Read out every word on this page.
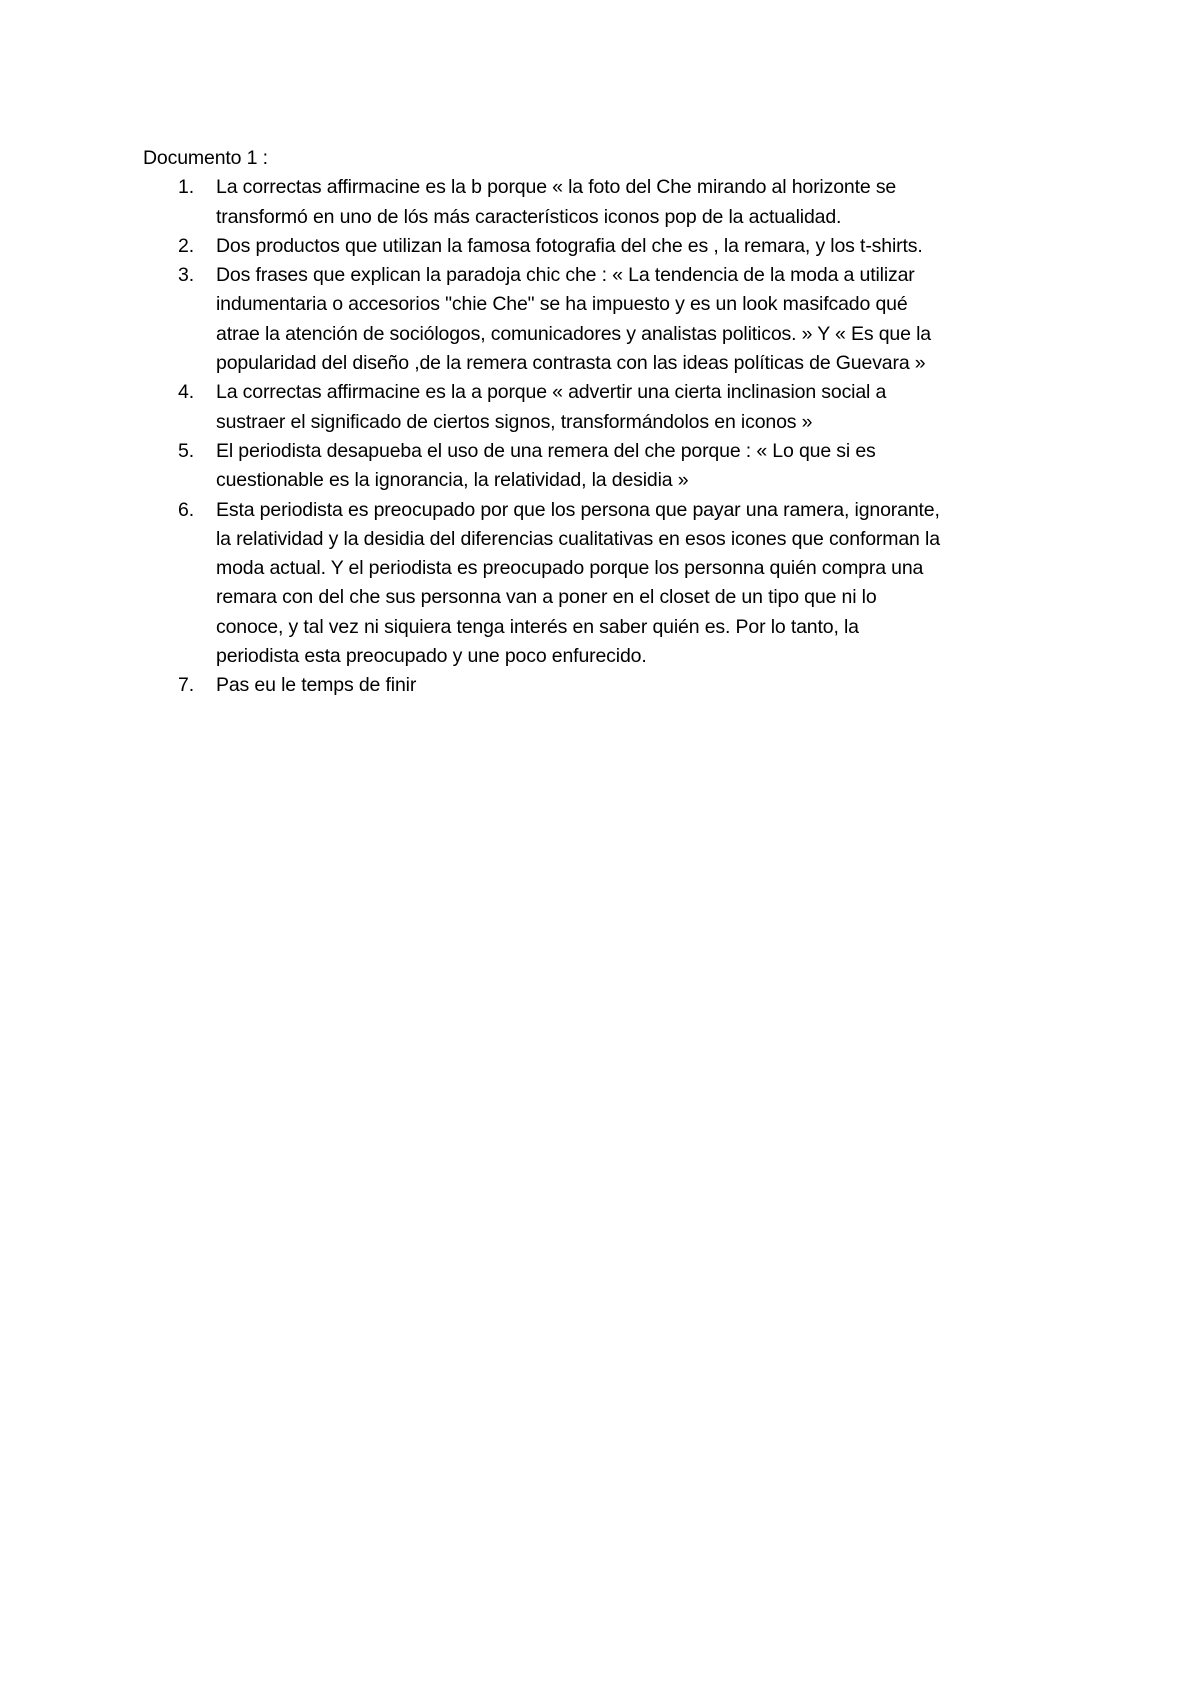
Documento 1 :

1. La correctas affirmacine es la b porque « la foto del Che mirando al horizonte se
transformó en uno de lós más característicos iconos pop de la actualidad.
2. Dos productos que utilizan la famosa fotografia del che es , la remara, y los t-shirts.
3. Dos frases que explican la paradoja chic che : « La tendencia de la moda a utilizar
indumentaria o accesorios "chie Che" se ha impuesto y es un look masifcado qué
atrae la atención de sociólogos, comunicadores y analistas politicos. » Y « Es que la
popularidad del diseño ,de la remera contrasta con las ideas políticas de Guevara »
4. La correctas affirmacine es la a porque « advertir una cierta inclinasion social a
sustraer el significado de ciertos signos, transformándolos en iconos »
5. El periodista desapueba el uso de una remera del che porque : « Lo que si es
cuestionable es la ignorancia, la relatividad, la desidia »
6. Esta periodista es preocupado por que los persona que payar una ramera, ignorante,
la relatividad y la desidia del diferencias cualitativas en esos icones que conforman la
moda actual. Y el periodista es preocupado porque los personna quién compra una
remara con del che sus personna van a poner en el closet de un tipo que ni lo
conoce, y tal vez ni siquiera tenga interés en saber quién es. Por lo tanto, la
periodista esta preocupado y une poco enfurecido.
7. Pas eu le temps de finir
